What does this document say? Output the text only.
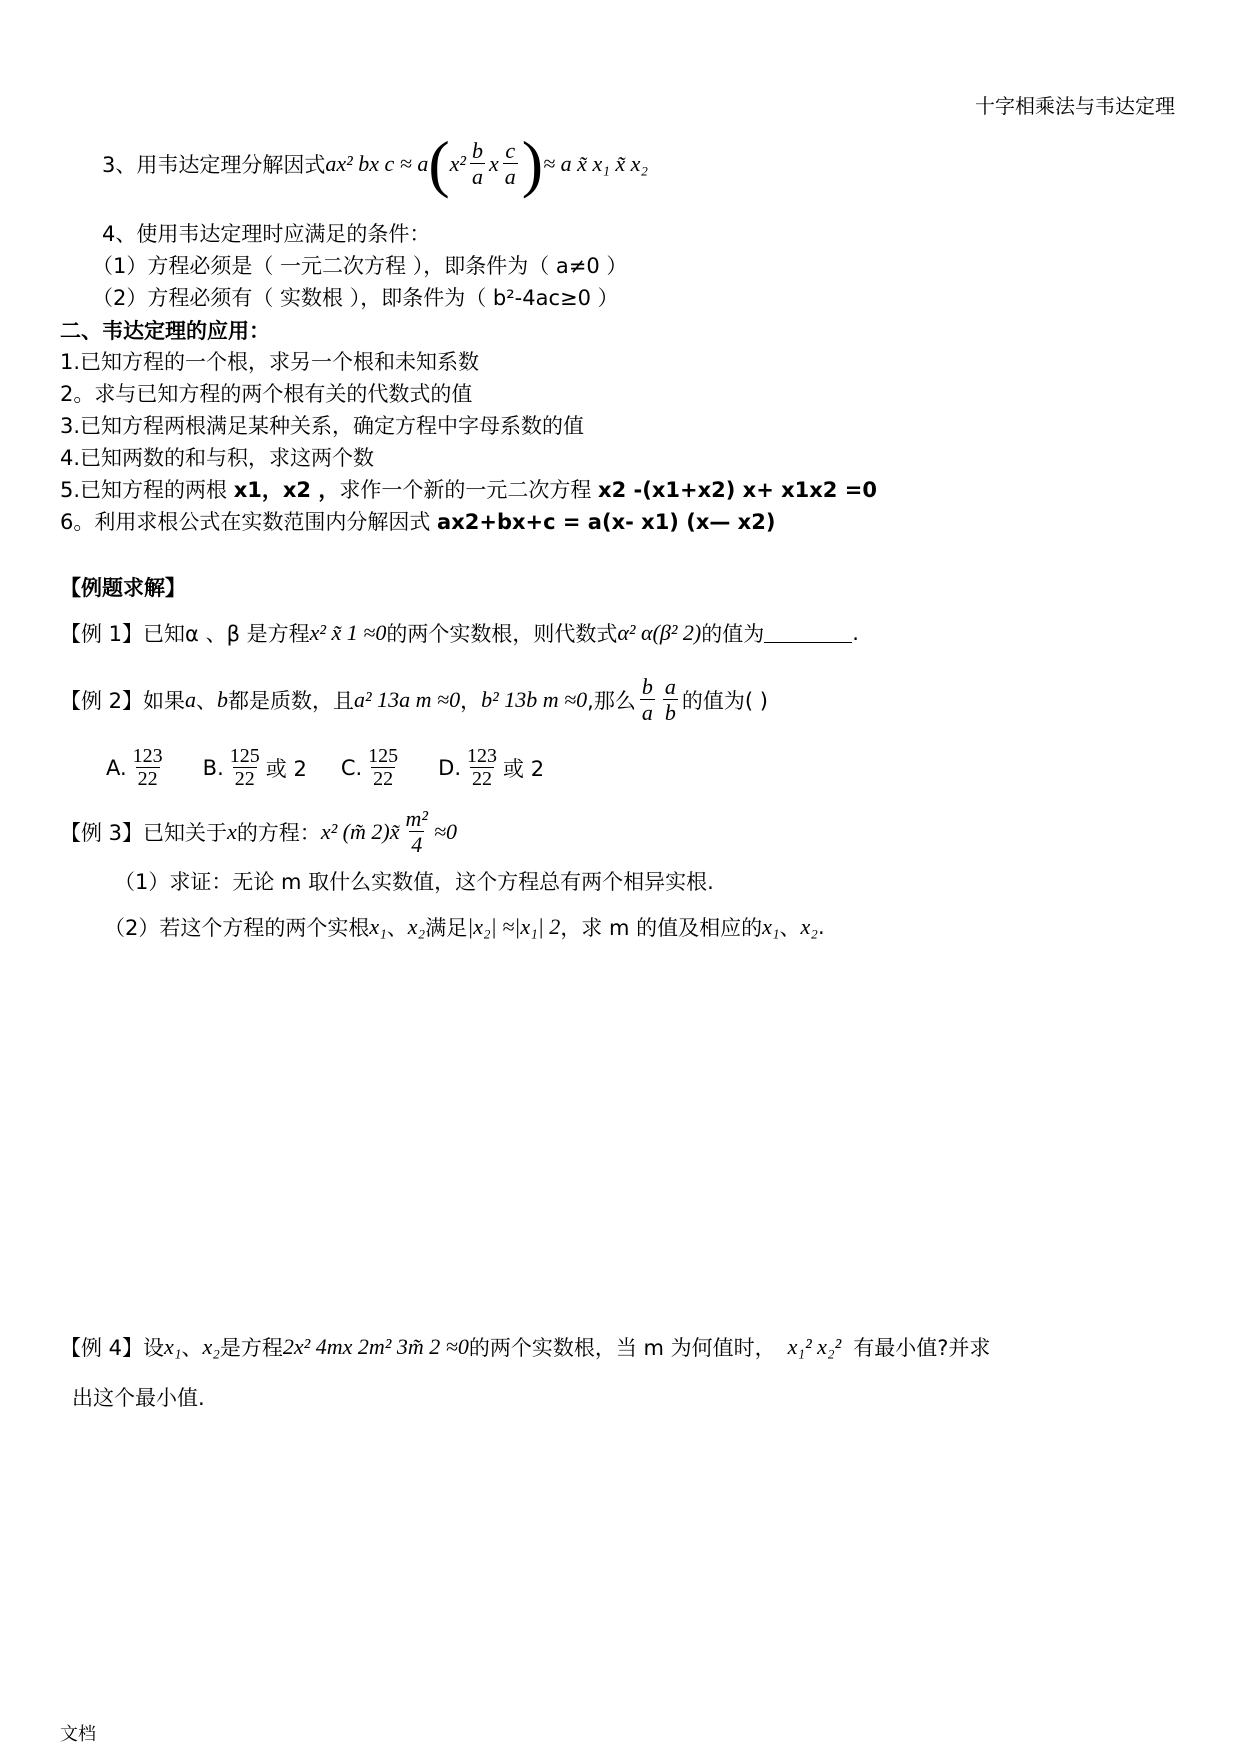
十字相乘法与韦达定理
3、用韦达定理分解因式 ax² bx c ≈ a ( $x^2 \frac{b}{a}$ x $\frac{c}{a}$ ) ≈ a x̃ x₁ x̃ x₂
4、使用韦达定理时应满足的条件：
（1）方程必须是（ 一元二次方程 ），即条件为（ a≠0 ）
（2）方程必须有（ 实数根 ），即条件为（ b²-4ac≥0 ）
二、韦达定理的应用：
1.已知方程的一个根，求另一个根和未知系数
2。求与已知方程的两个根有关的代数式的值
3.已知方程两根满足某种关系，确定方程中字母系数的值
4.已知两数的和与积，求这两个数
5.已知方程的两根 x1，x2 ，求作一个新的一元二次方程 x2 -(x1+x2) x+ x1x2 =0
6。利用求根公式在实数范围内分解因式 ax2+bx+c = a(x- x1) (x— x2)
【例题求解】
【例 1】 已知α 、β 是方程 x² x̃ 1 ≈0 的两个实数根，则代数式 α² α(β² 2) 的值为	.
【例 2】 如果 a 、 b 都是质数，且 a² 13a m ≈0 ， b² 13b m ≈0 ,那么 $\frac{b}{a} \frac{a}{b}$ 的值为( )
A. $\frac{123}{22} B$. $\frac{125}{22}$ 或 2 C. $\frac{125}{22} D$. $\frac{123}{22}$ 或 2
【例 3】 已知关于 x 的方程： x² (m̃ 2)x̃ $\frac{\text{m²}}{4} \approx 0$
（1）求证：无论 m 取什么实数值，这个方程总有两个相异实根.
（2）若这个方程的两个实根 x₁ 、 x₂ 满足 |x₂| ≈|x₁| 2 ，求 m 的值及相应的 x₁ 、 x₂ .
【例 4】 设 x₁ 、 x₂ 是方程 2x² 4mx 2m² 3m̃ 2 ≈0 的两个实数根，当 m 为何值时， x₁² x₂² 有最小值?并求
出这个最小值.
文档
